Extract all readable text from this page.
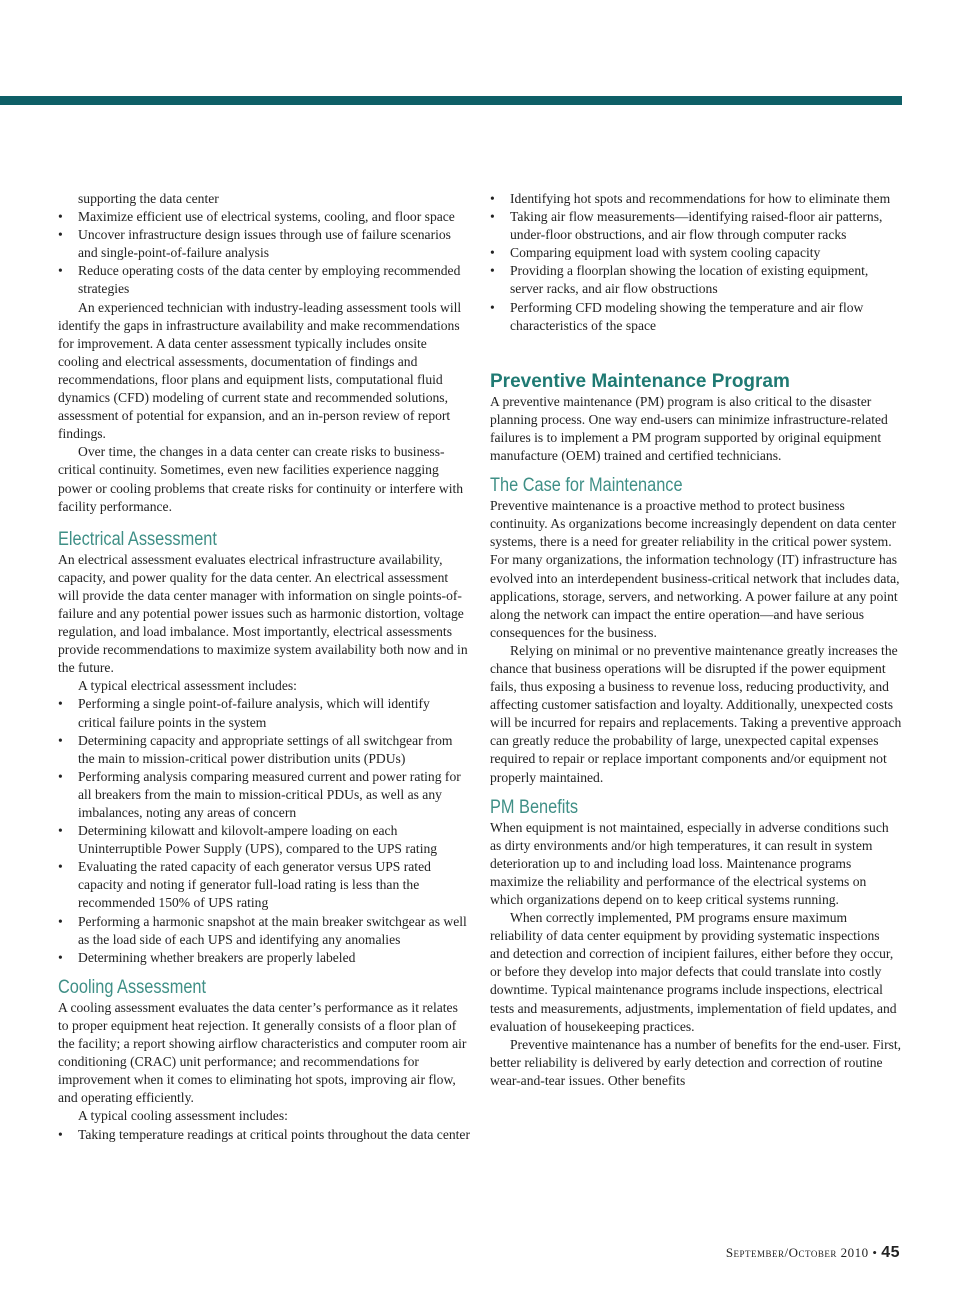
supporting the data center

• Maximize efficient use of electrical systems, cooling, and floor space
• Uncover infrastructure design issues through use of failure scenarios and single-point-of-failure analysis
• Reduce operating costs of the data center by employing recommended strategies

An experienced technician with industry-leading assessment tools will identify the gaps in infrastructure availability and make recommendations for improvement. A data center assessment typically includes onsite cooling and electrical assessments, documentation of findings and recommendations, floor plans and equipment lists, computational fluid dynamics (CFD) modeling of current state and recommended solutions, assessment of potential for expansion, and an in-person review of report findings.

Over time, the changes in a data center can create risks to business-critical continuity. Sometimes, even new facilities experience nagging power or cooling problems that create risks for continuity or interfere with facility performance.

Electrical Assessment

An electrical assessment evaluates electrical infrastructure availability, capacity, and power quality for the data center. An electrical assessment will provide the data center manager with information on single points-of-failure and any potential power issues such as harmonic distortion, voltage regulation, and load imbalance. Most importantly, electrical assessments provide recommendations to maximize system availability both now and in the future.

A typical electrical assessment includes:

• Performing a single point-of-failure analysis, which will identify critical failure points in the system
• Determining capacity and appropriate settings of all switchgear from the main to mission-critical power distribution units (PDUs)
• Performing analysis comparing measured current and power rating for all breakers from the main to mission-critical PDUs, as well as any imbalances, noting any areas of concern
• Determining kilowatt and kilovolt-ampere loading on each Uninterruptible Power Supply (UPS), compared to the UPS rating
• Evaluating the rated capacity of each generator versus UPS rated capacity and noting if generator full-load rating is less than the recommended 150% of UPS rating
• Performing a harmonic snapshot at the main breaker switchgear as well as the load side of each UPS and identifying any anomalies
• Determining whether breakers are properly labeled
Cooling Assessment

A cooling assessment evaluates the data center’s performance as it relates to proper equipment heat rejection. It generally consists of a floor plan of the facility; a report showing airflow characteristics and computer room air conditioning (CRAC) unit performance; and recommendations for improvement when it comes to eliminating hot spots, improving air flow, and operating efficiently.

A typical cooling assessment includes:

• Taking temperature readings at critical points throughout the data center
• Identifying hot spots and recommendations for how to eliminate them
• Taking air flow measurements—identifying raised-floor air patterns, under-floor obstructions, and air flow through computer racks
• Comparing equipment load with system cooling capacity
• Providing a floorplan showing the location of existing equipment, server racks, and air flow obstructions
• Performing CFD modeling showing the temperature and air flow characteristics of the space
Preventive Maintenance Program

A preventive maintenance (PM) program is also critical to the disaster planning process. One way end-users can minimize infrastructure-related failures is to implement a PM program supported by original equipment manufacture (OEM) trained and certified technicians.

The Case for Maintenance

Preventive maintenance is a proactive method to protect business continuity. As organizations become increasingly dependent on data center systems, there is a need for greater reliability in the critical power system. For many organizations, the information technology (IT) infrastructure has evolved into an interdependent business-critical network that includes data, applications, storage, servers, and networking. A power failure at any point along the network can impact the entire operation—and have serious consequences for the business.

Relying on minimal or no preventive maintenance greatly increases the chance that business operations will be disrupted if the power equipment fails, thus exposing a business to revenue loss, reducing productivity, and affecting customer satisfaction and loyalty. Additionally, unexpected costs will be incurred for repairs and replacements. Taking a preventive approach can greatly reduce the probability of large, unexpected capital expenses required to repair or replace important components and/or equipment not properly maintained.

PM Benefits

When equipment is not maintained, especially in adverse conditions such as dirty environments and/or high temperatures, it can result in system deterioration up to and including load loss. Maintenance programs maximize the reliability and performance of the electrical systems on which organizations depend on to keep critical systems running.

When correctly implemented, PM programs ensure maximum reliability of data center equipment by providing systematic inspections and detection and correction of incipient failures, either before they occur, or before they develop into major defects that could translate into costly downtime. Typical maintenance programs include inspections, electrical tests and measurements, adjustments, implementation of field updates, and evaluation of housekeeping practices.

Preventive maintenance has a number of benefits for the end-user. First, better reliability is delivered by early detection and correction of routine wear-and-tear issues. Other benefits

September/October 2010 • 45
